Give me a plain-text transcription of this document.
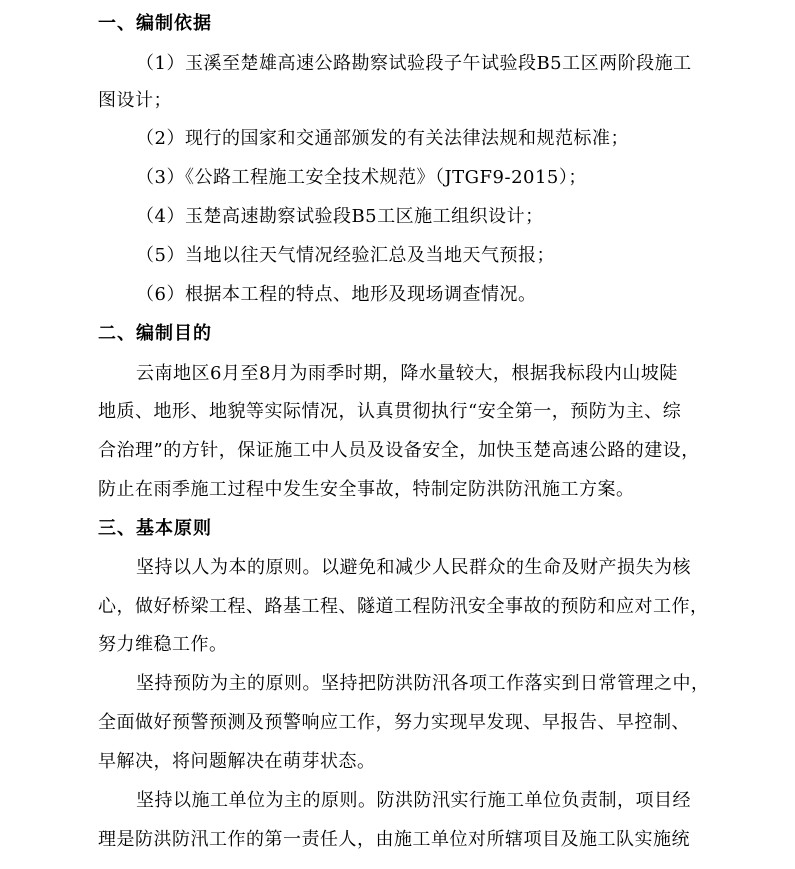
一、编制依据
（1）玉溪至楚雄高速公路勘察试验段子午试验段B5工区两阶段施工
图设计；
（2）现行的国家和交通部颁发的有关法律法规和规范标准；
（3）《公路工程施工安全技术规范》（JTGF9-2015）；
（4）玉楚高速勘察试验段B5工区施工组织设计；
（5）当地以往天气情况经验汇总及当地天气预报；
（6）根据本工程的特点、地形及现场调查情况。
二、编制目的
云南地区6月至8月为雨季时期，降水量较大，根据我标段内山坡陡
地质、地形、地貌等实际情况，认真贯彻执行“安全第一，预防为主、综
合治理”的方针，保证施工中人员及设备安全，加快玉楚高速公路的建设，
防止在雨季施工过程中发生安全事故，特制定防洪防汛施工方案。
三、基本原则
坚持以人为本的原则。以避免和减少人民群众的生命及财产损失为核
心，做好桥梁工程、路基工程、隧道工程防汛安全事故的预防和应对工作，
努力维稳工作。
坚持预防为主的原则。坚持把防洪防汛各项工作落实到日常管理之中，
全面做好预警预测及预警响应工作，努力实现早发现、早报告、早控制、
早解决，将问题解决在萌芽状态。
坚持以施工单位为主的原则。防洪防汛实行施工单位负责制，项目经
理是防洪防汛工作的第一责任人，由施工单位对所辖项目及施工队实施统
